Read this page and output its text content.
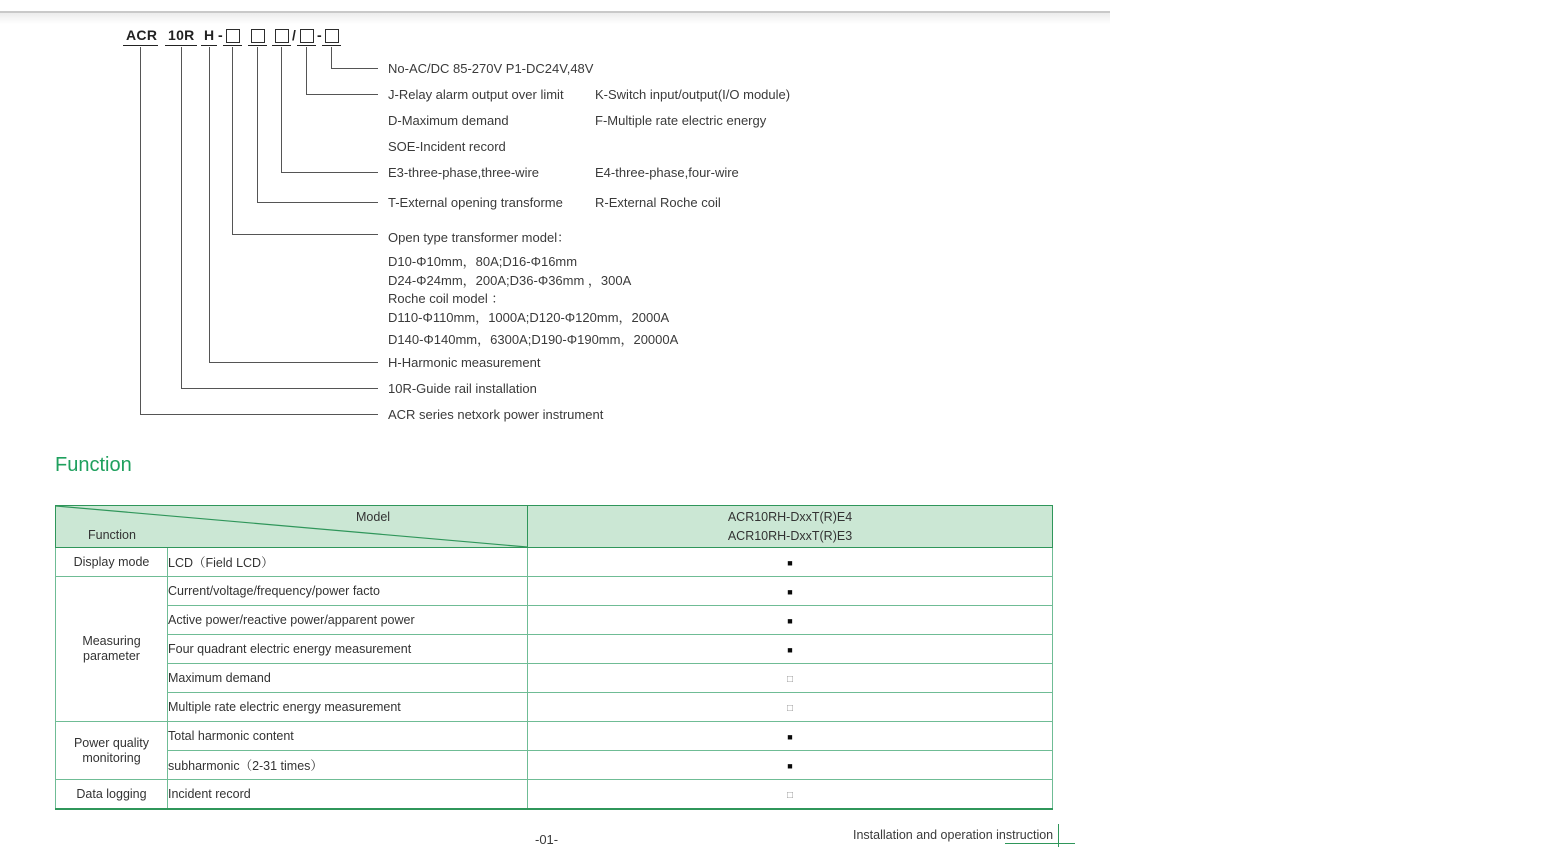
ACR 10R H -	/ -
No-AC/DC 85-270V P1-DC24V,48V
J-Relay alarm output over limit K-Switch input/output(I/O module)
D-Maximum demand	F-Multiple rate electric energy
SOE-Incident record
E3-three-phase,three-wire	E4-three-phase,four-wire
T-External opening transforme R-External Roche coil
Open type transformer model：
D10-Φ10mm，80A;D16-Φ16mm
D24-Φ24mm，200A;D36-Φ36mm ，300A
Roche coil model ：
D110-Φ110mm，1000A;D120-Φ120mm，2000A
D140-Φ140mm，6300A;D190-Φ190mm，20000A
H-Harmonic measurement
10R-Guide rail installation
ACR series netxork power instrument
Function
Model
Function

ACR10RH-DxxT(R)E4
ACR10RH-DxxT(R)E3

Display mode	LCD（Field LCD）	■
Measuring parameter	Current/voltage/frequency/power facto	■
	Active power/reactive power/apparent power	■
	Four quadrant electric energy measurement	■
	Maximum demand	□
	Multiple rate electric energy measurement	□
Power quality monitoring	Total harmonic content	■
	subharmonic（2-31 times）	■
Data logging	Incident record	□
-01-	Installation and operation instruction
